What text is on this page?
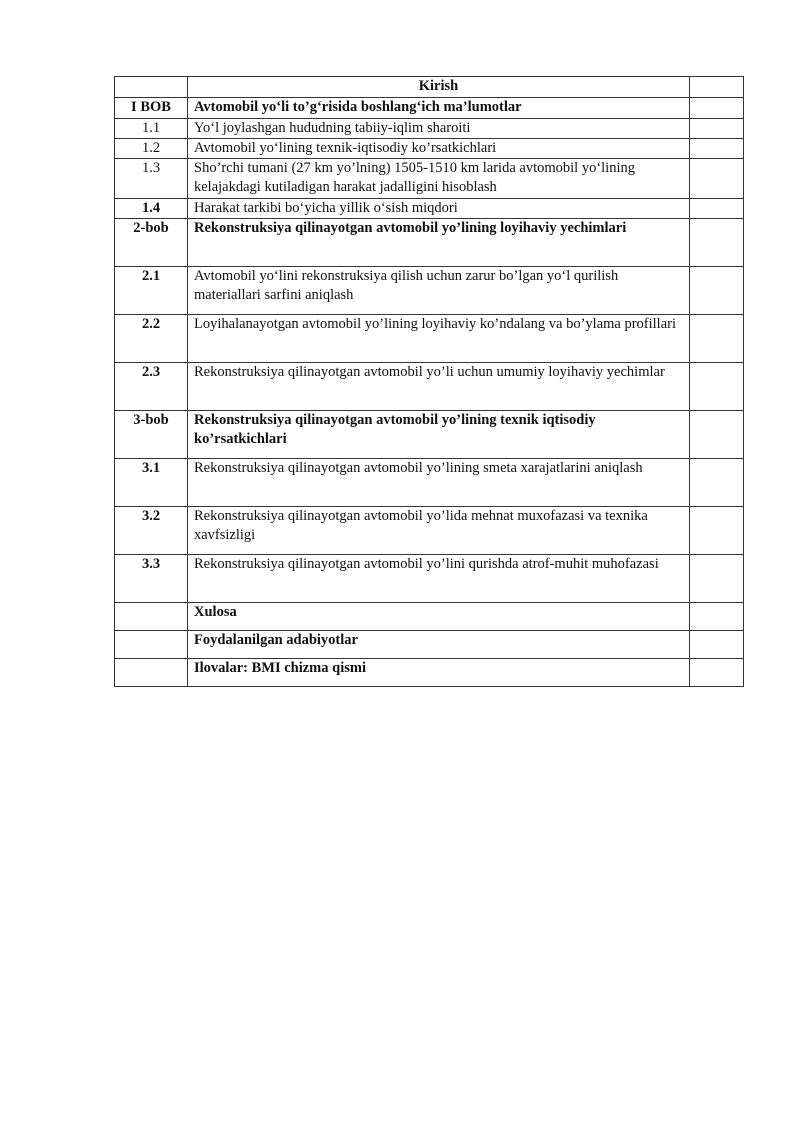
	Kirish	
I BOB	Avtomobil yo‘li to’g‘risida boshlang‘ich ma’lumotlar	
1.1	Yo‘l joylashgan hududning tabiiy-iqlim sharoiti	
1.2	Avtomobil yo‘lining texnik-iqtisodiy ko’rsatkichlari	
1.3	Sho’rchi tumani (27 km yo’lning) 1505-1510 km larida avtomobil yo‘lining kelajakdagi kutiladigan harakat jadalligini hisoblash	
1.4	Harakat tarkibi bo‘yicha yillik o‘sish miqdori	
2-bob	Rekonstruksiya qilinayotgan avtomobil yo’lining loyihaviy yechimlari	
2.1	Avtomobil yo‘lini rekonstruksiya qilish uchun zarur bo’lgan yo‘l qurilish materiallari sarfini aniqlash	
2.2	Loyihalanayotgan avtomobil yo’lining loyihaviy ko’ndalang va bo’ylama profillari	
2.3	Rekonstruksiya qilinayotgan avtomobil yo’li uchun umumiy loyihaviy yechimlar	
3-bob	Rekonstruksiya qilinayotgan avtomobil yo’lining texnik iqtisodiy ko’rsatkichlari	
3.1	Rekonstruksiya qilinayotgan avtomobil yo’lining smeta xarajatlarini aniqlash	
3.2	Rekonstruksiya qilinayotgan avtomobil yo’lida mehnat muxofazasi va texnika xavfsizligi	
3.3	Rekonstruksiya qilinayotgan avtomobil yo’lini qurishda atrof-muhit muhofazasi	
	Xulosa	
	Foydalanilgan adabiyotlar	
	Ilovalar: BMI chizma qismi	
